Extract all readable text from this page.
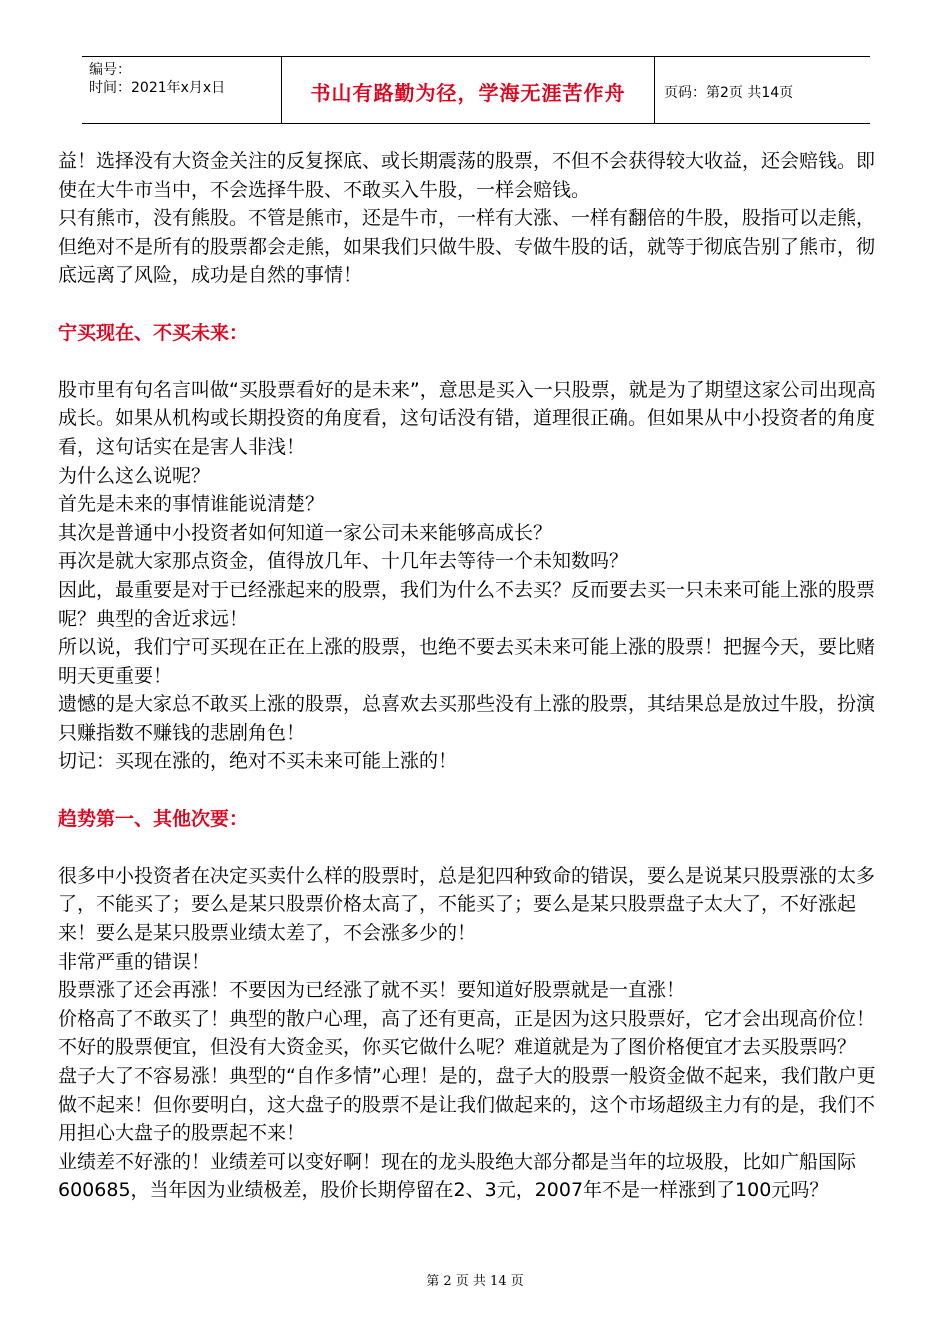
编号：
时间：2021年x月x日	书山有路勤为径，学海无涯苦作舟	页码：第2页 共14页

益！选择没有大资金关注的反复探底、或长期震荡的股票，不但不会获得较大收益，还会赔钱。即使在大牛市当中，不会选择牛股、不敢买入牛股，一样会赔钱。

只有熊市，没有熊股。不管是熊市，还是牛市，一样有大涨、一样有翻倍的牛股，股指可以走熊，但绝对不是所有的股票都会走熊，如果我们只做牛股、专做牛股的话，就等于彻底告别了熊市，彻底远离了风险，成功是自然的事情！

宁买现在、不买未来：

股市里有句名言叫做“买股票看好的是未来”，意思是买入一只股票，就是为了期望这家公司出现高成长。如果从机构或长期投资的角度看，这句话没有错，道理很正确。但如果从中小投资者的角度看，这句话实在是害人非浅！

为什么这么说呢？

首先是未来的事情谁能说清楚？

其次是普通中小投资者如何知道一家公司未来能够高成长？

再次是就大家那点资金，值得放几年、十几年去等待一个未知数吗？

因此，最重要是对于已经涨起来的股票，我们为什么不去买？反而要去买一只未来可能上涨的股票呢？典型的舍近求远！

所以说，我们宁可买现在正在上涨的股票，也绝不要去买未来可能上涨的股票！把握今天，要比赌明天更重要！

遗憾的是大家总不敢买上涨的股票，总喜欢去买那些没有上涨的股票，其结果总是放过牛股，扮演只赚指数不赚钱的悲剧角色！

切记：买现在涨的，绝对不买未来可能上涨的！

趋势第一、其他次要：

很多中小投资者在决定买卖什么样的股票时，总是犯四种致命的错误，要么是说某只股票涨的太多了，不能买了；要么是某只股票价格太高了，不能买了；要么是某只股票盘子太大了，不好涨起来！要么是某只股票业绩太差了，不会涨多少的！

非常严重的错误！

股票涨了还会再涨！不要因为已经涨了就不买！要知道好股票就是一直涨！

价格高了不敢买了！典型的散户心理，高了还有更高，正是因为这只股票好，它才会出现高价位！不好的股票便宜，但没有大资金买，你买它做什么呢？难道就是为了图价格便宜才去买股票吗？

盘子大了不容易涨！典型的“自作多情”心理！是的，盘子大的股票一般资金做不起来，我们散户更做不起来！但你要明白，这大盘子的股票不是让我们做起来的，这个市场超级主力有的是，我们不用担心大盘子的股票起不来！

业绩差不好涨的！业绩差可以变好啊！现在的龙头股绝大部分都是当年的垃圾股，比如广船国际600685，当年因为业绩极差，股价长期停留在2、3元，2007年不是一样涨到了100元吗？

第 2 页 共 14 页
